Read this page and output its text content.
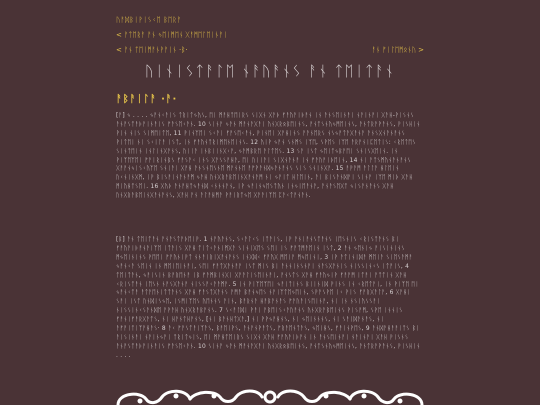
ᚢᚨᛞᛒᛁᚹᛁᛊᚲᛖ ᛒᛖᚱᚨ
< ᚨᛏᛖᚱᚨ ᚨᚾ ᛃᛖᛁᛗᛖᚾ ᚷᚨᛗᛖᛚᛖᛁᚾᚨᛁ
< ᚨᚾ ᛏᛖᛁᛗᚨᚾᚹᚨᛁᚾ ·ᛒ·	ᚨᚾ ᚠᛁᛚᛖᛗᛟᚾᚢ >
ᚢᛁᚾᛁᛊᛏᚨᛚᛖ ᚾᚨᚢᚨᚾᛊ ᚨᚾ ᛏᛖᛁᛏᚨᚾ
ᚨᛒᚨᛁᛚᚨ ·ᚨ·
[ᚨ] ᛃ . . . . ᛃᚨᚾᚲᚨᛁᛊ ᛏᚱᛁᛏᛃᚢᛊ, ᛖᛁ ᛗᚨᚺᛏᛖᛁᚱᛊ ᛊᛁᚷᚾ ᚷᚨᚦ ᚠᚨᚢᚨᛁᚦᚨᚾ ᛁᚾ ᚨᚾᛊᛖᛁᚾᚨᛁ ᚾᚨᛁᚾᚨᛁ ᚷᚨᚺ-ᚹᛁᛊᚾᛊ ᚨᚾᚨᛊᛏᚨᚦᚨᛁᚾᚨᛁᛊ ᚠᚨᛊᛖᚲᚨᚾ. 10 ᛊᛁᚾᚨ ᛃᚨᚾ ᛗᚨᚾᚨᚷᚨᛁ ᚢᚾᚷᚱᛟᛒᛖᛁᚾᛊ, ᚨᚾᛏᛊᚾᚢᛃᛗᛖᛁᚾᛊ, ᚨᚾᛏᚱᚨᚹᚨᚾᛊ, ᚹᛁᛊᚺᛁᚾ ᚹᛁᚾ ᚾᛁᛊ ᛊᛁᛗᛖᛁᛏᛖ, 11 ᚹᛁᚾᛉᛖᛁ ᛊᚲᚨᛁ ᚠᚨᛊᛖᚲᚨᚾ, ᚹᛁᚾᛖᛁ ᚷᚨᚺᛁᚾᛊ ᚨᚨᚾᛖᚱᛊ ᚾᛊᛃᚨᛏᚨᚷᚨᚾᚨ ᚨᚾᛊᚷᚾᚨᚾᚨᚾᛊ ᚹᛁᛏᛖᛁ ᚾᛁ ᛊᚲᛁᛚᚨ ᛁᛊᛏ, ᛁᚾ ᚠᚨᚢᚾᛏᚱᛁᛗᛖᚾᛖᛁᚾᛊ. 12 ᚢᛁᚹ ᛃᚨᚾ ᛊᚾᛗᛊ ᛁᛉᛖ, ᛊᚹᛖᛊ ᛁᛉᛖ ᚨᚱᚨᚾᛁᛈᛖᛏᛁᛊ: ᚲᚱᛖᛏᛖᛊ ᛊᛁᚾᛏᛖᛁᚾ ᛁᚾᛚᛁᚾᚷᚨᚾᛊ, ᚢᛁᛁᚨ ᛁᚾᛒᛁᛁᚾᚷᚲᚨ, ᛃᚨᛗᛒᚱᛖ ᚨᛚᛏᛖᛊ. 13 ᛊᚨ ᛁᛊᛏ ᛃᛖᛁᛏᛃᛒᚨᛖᛁ ᛊᚾᛁᛊᚷᛖᛁᚾ. ᛁᚾ ᚹᛁᛉᛖᛉᛖᛁ ᚠᚨᛁᚱᛁᚾᛒᛊ ᚠᚨᛊᚨᚲ ᛁᚾᛊ ᚷᚨᛊᛊᚨᚺᚨ, ᛖᛁ ᚢᛁᛁᚨᛁ ᛊᛁᚷᚾᚨᚾᚨ ᛁᚾ ᚠᚨᚢᚨᛁᚦᛖᛁᚾ, 14 ᚾᛁ ᚨᛏᛊᛗᚢᚾᚨᚾᚨᚾᛊ ᚷᚨᚨᚾᛃᛁᛊᚲᚢᛉᛖ ᛊᚾᛁᚨᛁ ᚷᚨᚺ ᚨᚾᛊᚾᛖᛊᚾᛖ ᛗᚨᚾᚾᛖ ᚨᚠᚹᚨᚾᛞᛃᚨᚾᚨᚾᛊ ᛊᛁᛊ ᛊᚾᛁᚾᚷᚨ. 15 ᚨᚹᚨᛗ ᚨᛚᛚᚨ ᚺᛚᛖᛁᚾ ᚢᚲᚾᛁᚾᚷᛗ, ᛁᚹ ᛒᛁᛊᚨᛁᚾᚨᚾᚨᛗ ᛃᚨᚺ ᚢᚾᚷᚱᚨᛒᛖᛁᚾᚷᚨᚾᚨᛗ ᚾᛁ ᛃᚨᛁᛏ ᚺᛚᛖᛁᚾ, ᚨᛁ ᛒᛁᛊᚨᚾᛞᚨᛁ ᛊᛁᚾᚨ ᛁᛉᛖ ᛗᛁᚦ ᚷᚨᚺ ᛗᛁᚢᚺᛏᛊᛖᛁ. 16 ᚷᚢᚦ ᚨᚾᚨᚺᛏᛃᚨᚾᛞ ᚲᚾᚾᚾᚨᚾ, ᛁᚹ ᛃᚨᛁᚾᛃᛖᛊᛏᚢᚾ ᛁᚾᛃᛁᛖᚨᚾᚨ, ᚨᚾᚨᛊᛖᚷᛏ ᛃᛁᛊᚨᚾᚨᚾᛊ ᚷᚨᚺ ᚢᚾᚷᚱᚨᛒᛖᛁᚾᚷᚨᚾᚨᚾᛊ, ᚷᚨᚺ ᚨᚾ ᚨᛚᚨᚺᛗᚨ ᚹᚨᛁᚱᛏᛃᛖ ᚷᚨᚨᛁᛉᛖ ᛈᚨᚲᛏᚨᚾᚨᚾ.
[ᛒ] ᚨᚾ ᛏᛖᛁᛏᚨᚾ ᚨᚾᚨᛊᛏᚨᚦᛖᛁᚹ. 1 ᚾᚨᚢᚨᚾᛊ, ᛊᚲᚨᛚᚲᛊ ᛁᛏᚨᛁᛊ, ᛁᚹ ᚨᚾᛁᚨᚾᛊᛏᚨᚾᛊ ᛁᛖᛊᚾᛁᛊ ᚲᚱᛁᛊᛏᚨᚾᛊ ᛒᛁ ᚠᚨᚢᚨᛁᚦᚨᚾᚨᛁᛉᛖ ᛁᛏᚨᛁᛊ ᚷᚨᚺ ᛏᛁᛏᚲᚨᚾᛁᛗᚷᚨ ᛊᛁᚾᛁᚷᛖᛊ ᛊᛖᛁ ᛁᛊ ᚠᚨᛏᛗᚨᛖᛁᚾ ᛁᛊᛏ, 2 ᚨᚾ ᛃᛖᚾᛁᛃ ᚨᛁᛊᛁᚾᛁᚾᛊ ᛗᛃᛖᛁᚾᛁᚾᛊ ᚹᛖᛖᛁ ᚠᚨᚢᚾᛁᚹᛏ ᚾᚾᚨᛁᚱᛁᚷᚨᚾᚨᚾᛊ ᛁᚾᚷᛞᚲ ᚠᚨᚢᚷ ᛗᛖᛁᚨ ᛗᛃᛖᛁᚾᛁ, 3 ᛁᚹ ᚨᛏᛁᚾᛁᛞᚨ ᛗᛖᛁᚨ ᛊᛁᛖᛊᚨᛗᚨ ᛃᚨᚾᚲᚨ ᛊᛖᛁᚾ ᛁᚾ ᛗᛖᛁᛖᛁᚾᚨᛁ, ᛊᛖᛁ ᚠᚨᛏᚷᚨᚾᚨᚨ ᛁᛊᛏ ᛗᛁᛊ ᛒᛁ ᚨᚾᚾᛁᚾᛊᚾᚨᛁ ᚾᚨᛊᚷᚨᚾᛁᛊ ᚾᛁᛊᛊᛁᚾᚲᛊ ᛁᛏᚨᛁᛊ, 4 ᛏᛖᛁᛏᚨᚾ, ᛃᚨᛁᛊᛁᚾ ᛒᚨᚱᛖᚾᚨ ᛁᛒ ᚠᚨᛗᛒᛁᚾᚷᛁ ᚷᚨᚨᛚᛁᛊᛖᛁᚾᚨᛁ, ᚨᚾᛊᛏᛊ ᚷᚨᚺ ᚠᚨᚢᛃᛁᚹ ᚠᚨᚨᛗ ᛁᛏᚨᛁ ᚨᛏᛏᛁᚾ ᚷᚨᚺ ᚲᚱᛁᛊᛏᚨᚾ ᛁᛖᛊᚾ ᚾᚨᛊᚷᚨᚾᚨ ᚾᛁᛊᛊᚨᚲᚨᚨᛗᚨ. 5 ᛁᚾ ᚹᛁᛉᛖᛉᛖᛁ ᛃᚨᛁᛏᛁᚾᛊ ᛒᛁᛁᚾᛁᛞ ᚹᛁᚾᛊ ᛁᚾ ᚲᚱᛖᛏᚨᛁ, ᛁᚾ ᚹᛁᛉᛖ ᛖᛁ ᛃᚨᚾᚲᛏᚨ ᚨᛏᚨᛖᚾᛁᛏᛏᚨᚾᛊ ᚷᚨᚺ ᚠᚨᛊᛏᚷᚨᚾᛊ ᚨᛗᚨ ᛒᚨᚾᛃᛖᛊ ᚾᚨᛁᛉᛏᛖᛃᛖᛁᚾ, ᛊᚹᚨᛊᚹᛖ ᛁᚲ ᚹᛁᛊ ᚠᚨᚱᚷᚨᛚᚨ, 6 ᚷᚨᚺᛁ ᛊᚨᛁ ᛁᛊᛏ ᚢᚾᛞᛁᛊᛃᛖ, ᛁᛊᛗᛁᛉᛖᛊ ᚢᛖᚾᚾᛊ ᚨᛁᚾ, ᛒᚨᚱᚾᚨ ᚺᚨᛒᚨᚾᚨᛊ ᚠᚨᚢᚨᛁᛊᛖᛁᚾᚨ, ᚾᛁ ᛁᚾ ᚾᛊᛁᚢᛊᛊᚨᛁ ᚾᛁᛊᛊᛁᚾᚲᛊᚨᚾᛞᛖ ᚨᚹᚨᚺ ᚢᚾᚷᚱᚨᛒᚨᚾᛊ. 7 ᛊᚲᚨᛚᛞᛁ ᚹᚨᛁ ᚨᛒᛖᛁᛊᚲᚨᚢᚨᚾᛊ ᚢᚾᚷᚱᚨᛒᛖᛁᚾᛊ ᚹᛁᛊᚨᛗ, ᛊᚹᛖ ᛁᚾᚾᛁᛊ ᚠᚨᚾᛁᚠᚨᚱᚷᚨᛏᛊ, ᚾᛁ ᚺᚨᚾᛏᚺᚨᚾᛊ, [ᚾᛁ ᛒᚨᚾᚺᛏᚷᚨ,] ᚾᛁ ᚹᚹᛃᚨᚺᚾᛊ, ᚾᛁ ᛃᛖᛁᚾᚾᚾᛊ, ᚾᛁ ᛊᚨᛁᛞᚨᚾᚨᛊ, ᚾᛁ ᚨᚠᚨᛁᛏᛁᛉᚨᚺᚨᛊ· 8 ᚨᚲ ᚠᚨᛊᛏᚨᛁᛉᚨᛊ, ᛒᚨᛖᛁᚹᛊ, ᚨᚾᚨᚾᚹᚨᛏᛊ, ᚠᚱᚨᛖᚾᛏᚨᛊ, ᛃᛖᛁᚺᛊ, ᚠᚨᛁᚾᚹᛖᛊ, 9 ᚨᚾᛞᚨᚺᚨᚨᛁᛏᛊ ᛒᛁ ᚨᛁᛊᛁᚾᚨᛁ ᚾᚨᛁᚾᛃᚨᛁ ᛏᚱᛁᛏᛃᛁᛊ, ᛖᛁ ᛗᚨᚺᛏᛖᛁᚱᛊ ᛊᛁᚷᚾ ᚷᚨᚺ ᚠᚨᚢᚨᛁᚦᚨᚾ ᛁᚾ ᚨᚾᛊᛖᛁᚾᚨᛁ ᚾᚨᛁᚾᚨᛁ ᚷᚨᚺ ᚹᛁᛊᚾᛊ ᚨᚾᚨᛊᛏᚨᚦᚨᛁᚾᚨᛁᛊ ᚠᚨᛊᛖᚲᚨᚾ. 10 ᛊᛁᚾᚨ ᛃᚨᚾ ᛗᚨᚾᚨᚷᚨᛁ ᚢᚾᚷᚱᛟᛒᛖᛁᚾᛊ, ᚨᚾᛏᛊᚾᚢᛃᛗᛖᛁᚾᛊ, ᚨᚾᛏᚱᚨᚹᚨᚾᛊ, ᚹᛁᛊᚺᛁᚾ . . . .
